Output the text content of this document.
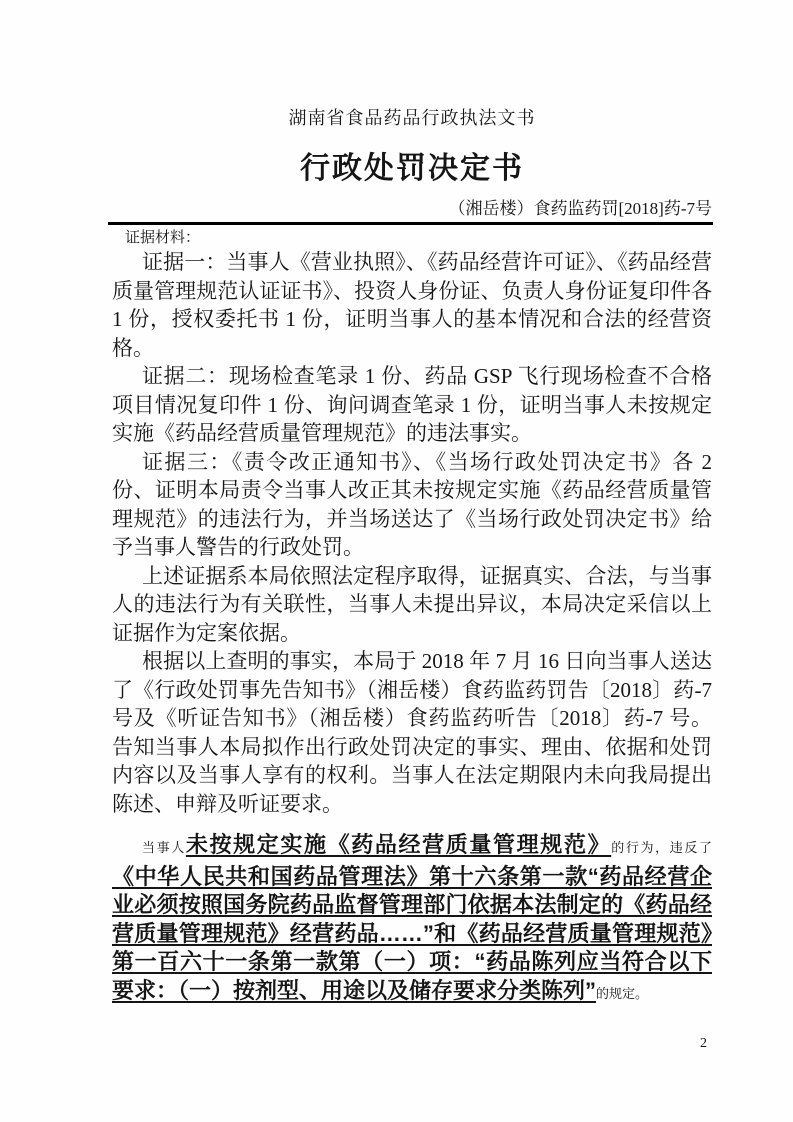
湖南省食品药品行政执法文书
行政处罚决定书
（湘岳楼）食药监药罚[2018]药-7号
证据材料：

证据一：当事人《营业执照》、《药品经营许可证》、《药品经营质量管理规范认证证书》、投资人身份证、负责人身份证复印件各 1 份，授权委托书 1 份，证明当事人的基本情况和合法的经营资格。

证据二：现场检查笔录 1 份、药品 GSP 飞行现场检查不合格项目情况复印件 1 份、询问调查笔录 1 份，证明当事人未按规定实施《药品经营质量管理规范》的违法事实。

证据三：《责令改正通知书》、《当场行政处罚决定书》各 2 份、证明本局责令当事人改正其未按规定实施《药品经营质量管理规范》的违法行为，并当场送达了《当场行政处罚决定书》给予当事人警告的行政处罚。

上述证据系本局依照法定程序取得，证据真实、合法，与当事人的违法行为有关联性，当事人未提出异议，本局决定采信以上证据作为定案依据。

根据以上查明的事实，本局于 2018 年 7 月 16 日向当事人送达了《行政处罚事先告知书》（湘岳楼）食药监药罚告〔2018〕药-7 号及《听证告知书》（湘岳楼）食药监药听告〔2018〕药-7 号。告知当事人本局拟作出行政处罚决定的事实、理由、依据和处罚内容以及当事人享有的权利。当事人在法定期限内未向我局提出陈述、申辩及听证要求。

当事人未按规定实施《药品经营质量管理规范》的行为，违反了《中华人民共和国药品管理法》第十六条第一款“药品经营企业必须按照国务院药品监督管理部门依据本法制定的《药品经营质量管理规范》经营药品……”和《药品经营质量管理规范》第一百六十一条第一款第（一）项：“药品陈列应当符合以下要求：（一）按剂型、用途以及储存要求分类陈列”的规定。

2
